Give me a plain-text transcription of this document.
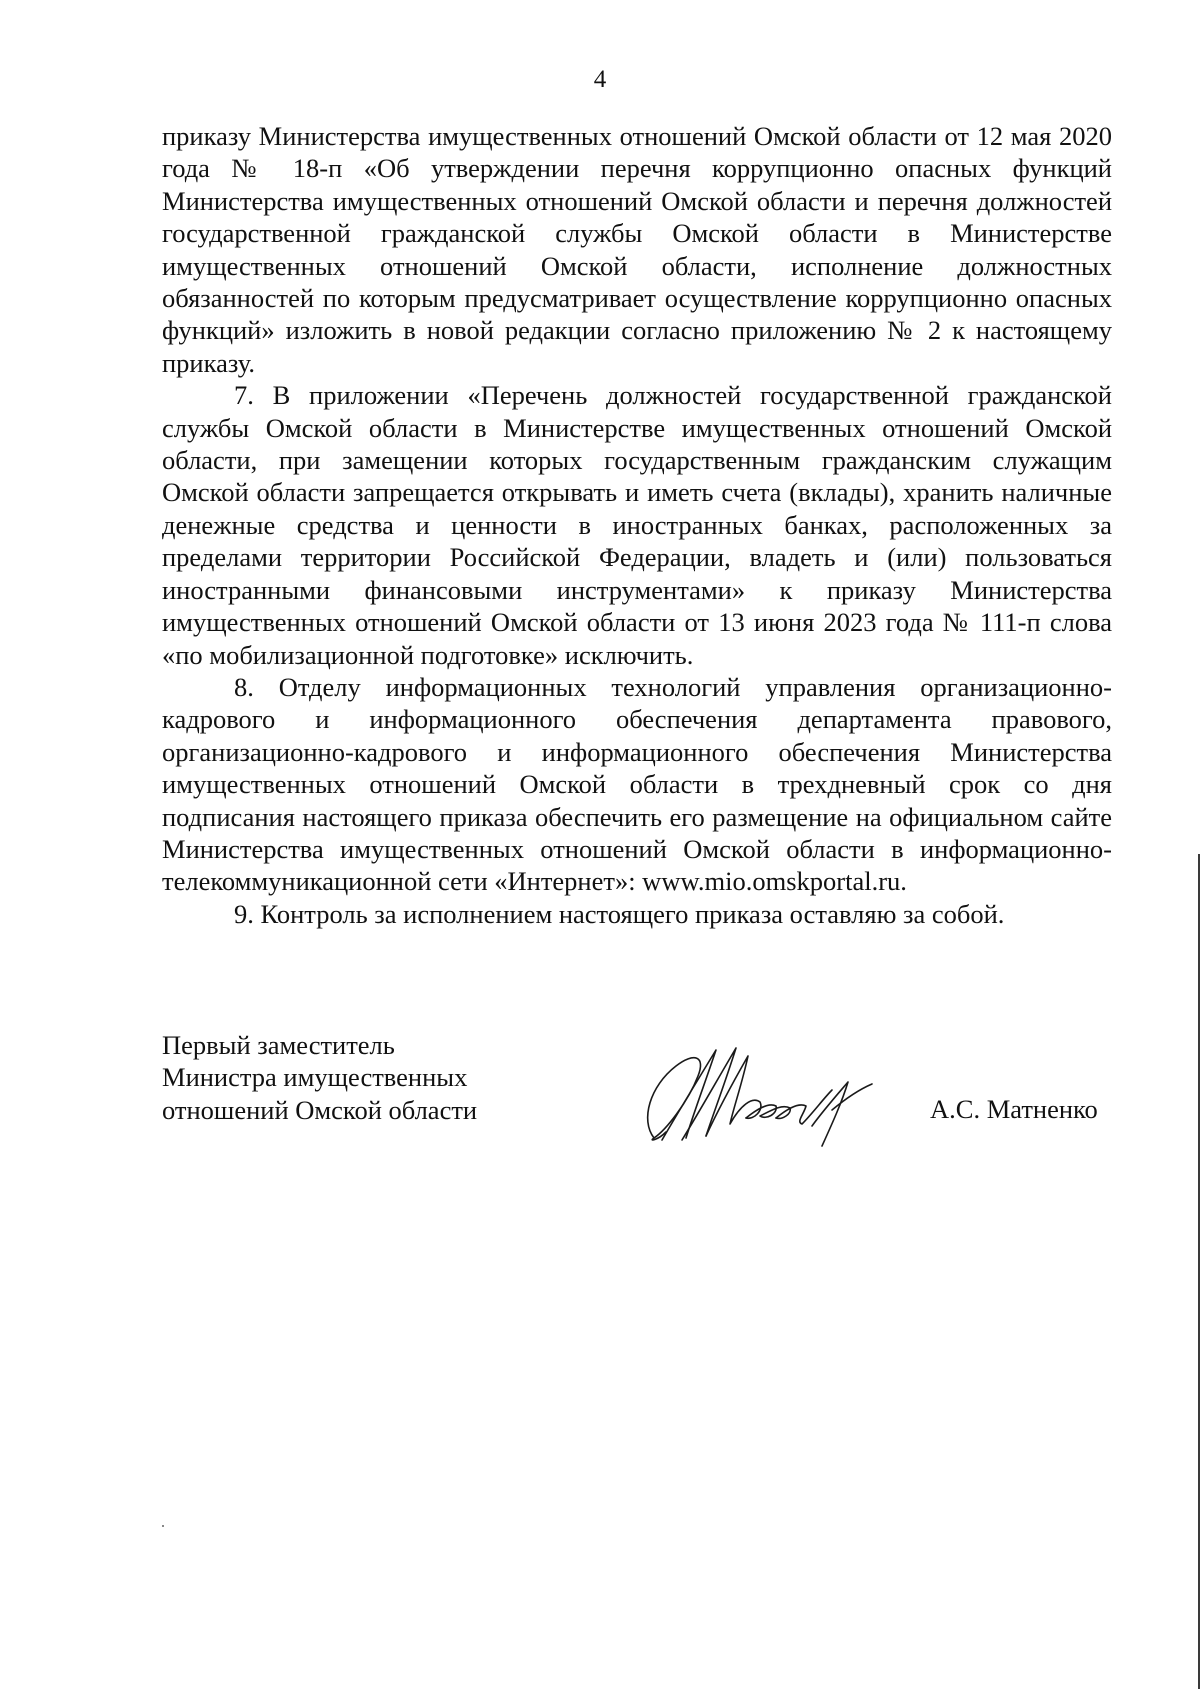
4

приказу Министерства имущественных отношений Омской области от 12 мая 2020 года № 18-п «Об утверждении перечня коррупционно опасных функций Министерства имущественных отношений Омской области и перечня должностей государственной гражданской службы Омской области в Министерстве имущественных отношений Омской области, исполнение должностных обязанностей по которым предусматривает осуществление коррупционно опасных функций» изложить в новой редакции согласно приложению № 2 к настоящему приказу.

7. В приложении «Перечень должностей государственной гражданской службы Омской области в Министерстве имущественных отношений Омской области, при замещении которых государственным гражданским служащим Омской области запрещается открывать и иметь счета (вклады), хранить наличные денежные средства и ценности в иностранных банках, расположенных за пределами территории Российской Федерации, владеть и (или) пользоваться иностранными финансовыми инструментами» к приказу Министерства имущественных отношений Омской области от 13 июня 2023 года № 111-п слова «по мобилизационной подготовке» исключить.

8. Отделу информационных технологий управления организационно-кадрового и информационного обеспечения департамента правового, организационно-кадрового и информационного обеспечения Министерства имущественных отношений Омской области в трехдневный срок со дня подписания настоящего приказа обеспечить его размещение на официальном сайте Министерства имущественных отношений Омской области в информационно-телекоммуникационной сети «Интернет»: www.mio.omskportal.ru.

9. Контроль за исполнением настоящего приказа оставляю за собой.

Первый заместитель
Министра имущественных
отношений Омской области	А.С. Матненко
